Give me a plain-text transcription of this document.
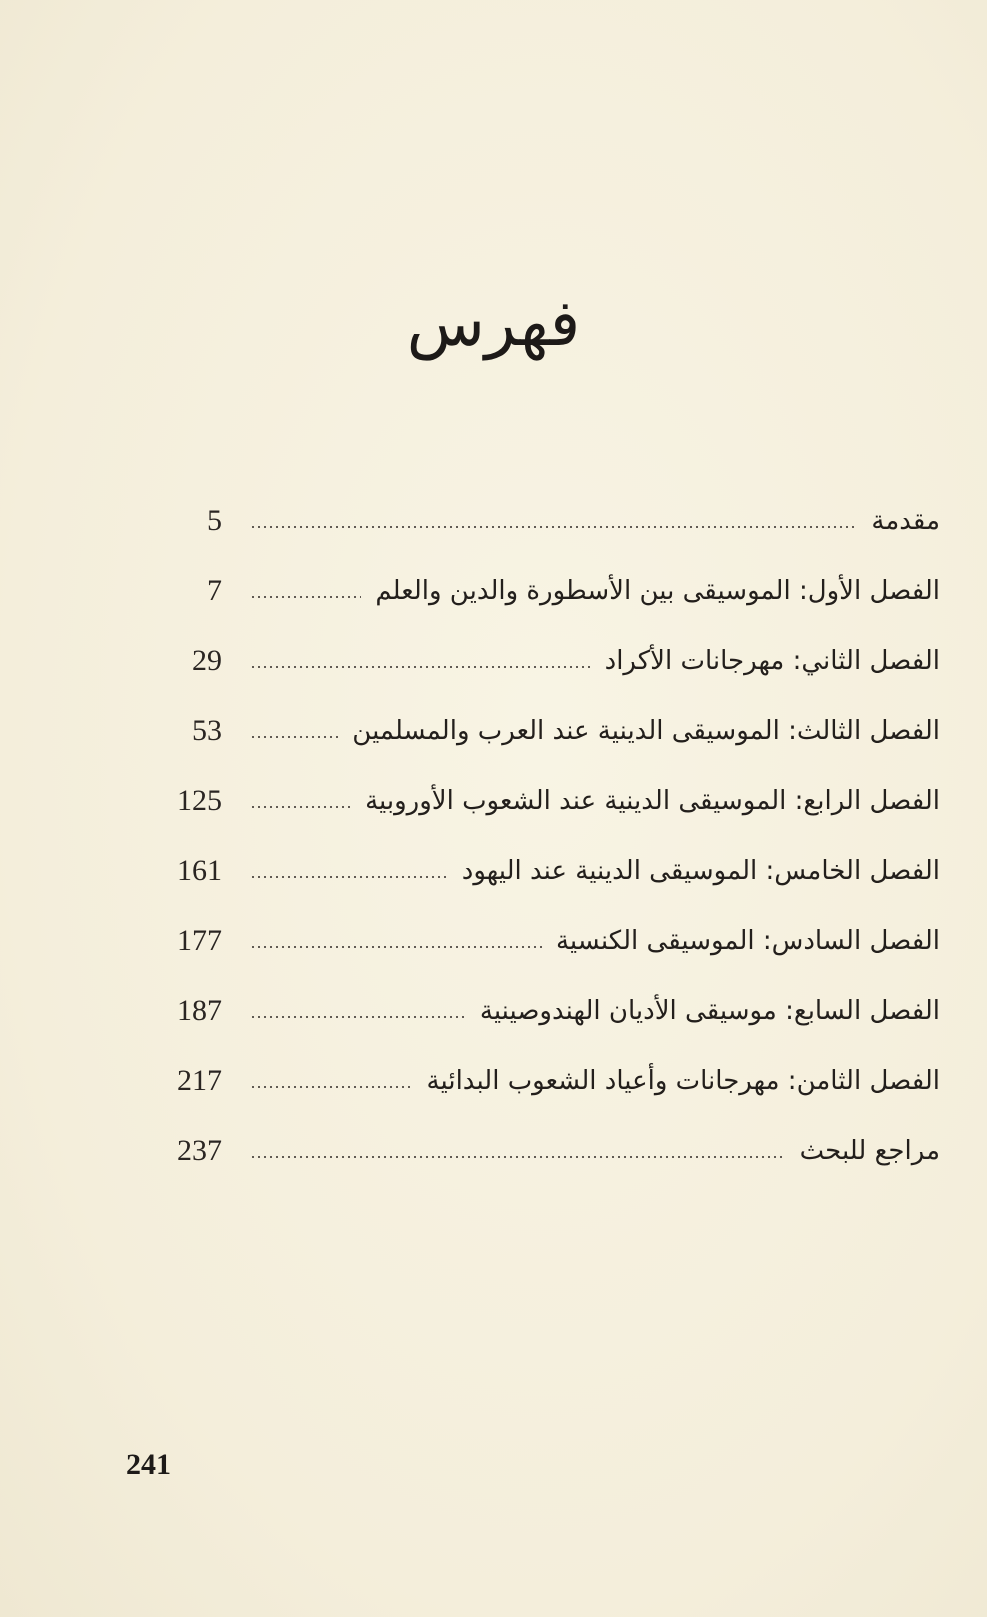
فهرس
5	مقدمة
7	الفصل الأول: الموسيقى بين الأسطورة والدين والعلم
29	الفصل الثاني: مهرجانات الأكراد
53	الفصل الثالث: الموسيقى الدينية عند العرب والمسلمين
125	الفصل الرابع: الموسيقى الدينية عند الشعوب الأوروبية
161	الفصل الخامس: الموسيقى الدينية عند اليهود
177	الفصل السادس: الموسيقى الكنسية
187	الفصل السابع: موسيقى الأديان الهندوصينية
217	الفصل الثامن: مهرجانات وأعياد الشعوب البدائية
237	مراجع للبحث
241
